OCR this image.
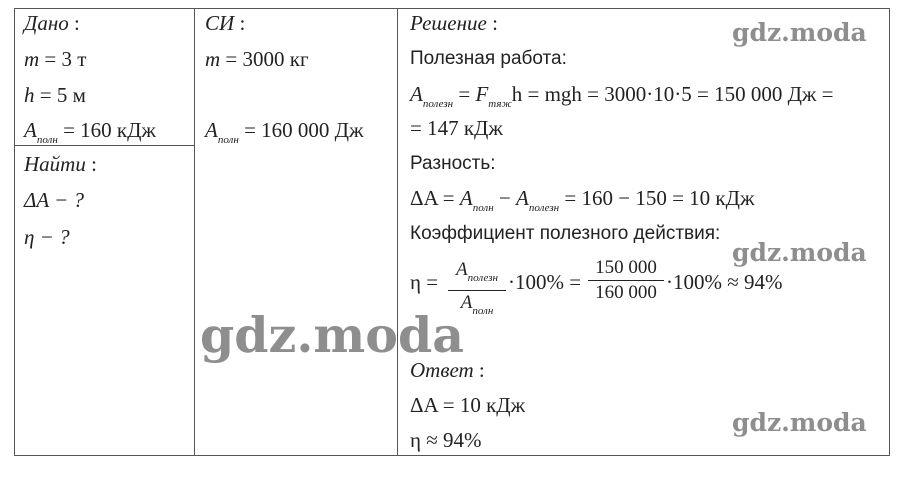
Дано :
m = 3 т
h = 5 м
$A_{полн} = 160$ кДж
Найти :
ΔA − ?
η − ?
СИ :
m = 3000 кг
$A_{полн} = 160$ 000 Дж
Решение :
Полезная работа:
$A_{полезн} = F_{тяж}h$ = mgh = 3000·10·5 = 150 000 Дж =
= 147 кДж
Разность:
$\Delta A = A_{полн} - A_{полезн} = 160 - 150 = 10$ кДж
Коэффициент полезного действия:
η =
$A_{полезн}$
$A_{полн}$
·100% =
150 000
160 000 ·100% ≈ 94%
Ответ :
ΔA = 10 кДж
η ≈ 94%
gdz.moda
gdz.moda
gdz.moda
gdz.moda
